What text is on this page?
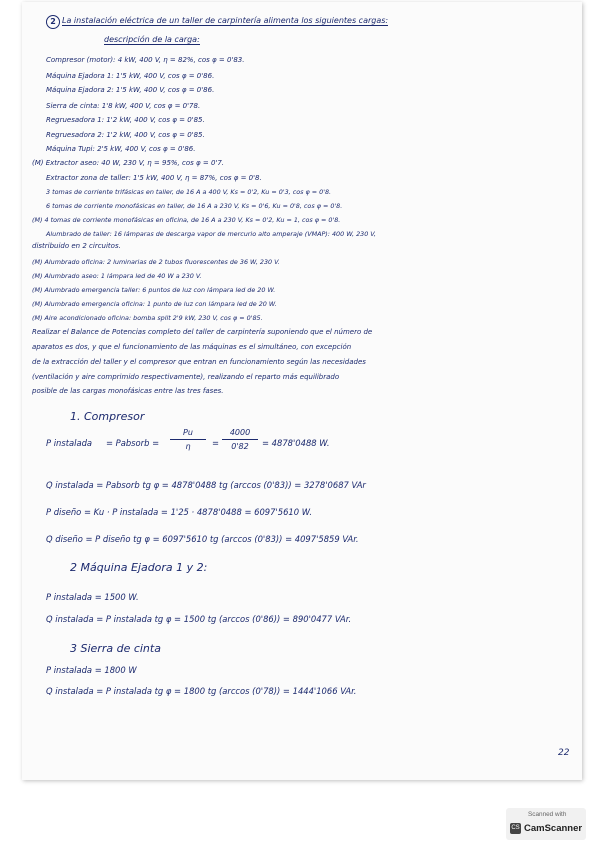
2 La instalación eléctrica de un taller de carpintería alimenta los siguientes cargas:
descripción de la carga:
Compresor (motor): 4 kW, 400 V, η = 82%, cos φ = 0'83.
Máquina Ejadora 1: 1'5 kW, 400 V, cos φ = 0'86.
Máquina Ejadora 2: 1'5 kW, 400 V, cos φ = 0'86.
Sierra de cinta: 1'8 kW, 400 V, cos φ = 0'78.
Regruesadora 1: 1'2 kW, 400 V, cos φ = 0'85.
Regruesadora 2: 1'2 kW, 400 V, cos φ = 0'85.
Máquina Tupi: 2'5 kW, 400 V, cos φ = 0'86.
(M) Extractor aseo: 40 W, 230 V, η = 95%, cos φ = 0'7.
Extractor zona de taller: 1'5 kW, 400 V, η = 87%, cos φ = 0'8.
3 tomas de corriente trifásicas en taller, de 16 A a 400 V, Ks = 0'2, Ku = 0'3, cos φ = 0'8.
6 tomas de corriente monofásicas en taller, de 16 A a 230 V, Ks = 0'6, Ku = 0'8, cos φ = 0'8.
(M) 4 tomas de corriente monofásicas en oficina, de 16 A a 230 V, Ks = 0'2, Ku = 1, cos φ = 0'8.
Alumbrado de taller: 16 lámparas de descarga vapor de mercurio alto amperaje (VMAP): 400 W, 230 V,
distribuido en 2 circuitos.
(M) Alumbrado oficina: 2 luminarias de 2 tubos fluorescentes de 36 W, 230 V.
(M) Alumbrado aseo: 1 lámpara led de 40 W a 230 V.
(M) Alumbrado emergencia taller: 6 puntos de luz con lámpara led de 20 W.
(M) Alumbrado emergencia oficina: 1 punto de luz con lámpara led de 20 W.
(M) Aire acondicionado oficina: bomba split 2'9 kW, 230 V, cos φ = 0'85.
Realizar el Balance de Potencias completo del taller de carpintería suponiendo que el número de
aparatos es dos, y que el funcionamiento de las máquinas es el simultáneo, con excepción
de la extracción del taller y el compresor que entran en funcionamiento según las necesidades
(ventilación y aire comprimido respectivamente), realizando el reparto más equilibrado
posible de las cargas monofásicas entre las tres fases.
1. Compresor
P instalada = Pabsorb = $\frac{Pu}{\eta} = \frac{4000}{0'82} = 4878'0488$ W.
Q instalada = Pabsorb tg φ = 4878'0488 tg (arccos (0'83)) = 3278'0687 VAr
P diseño = Ku · P instalada = 1'25 · 4878'0488 = 6097'5610 W.
Q diseño = P diseño tg φ = 6097'5610 tg (arccos (0'83)) = 4097'5859 VAr.
2 Máquina Ejadora 1 y 2:
P instalada = 1500 W.
Q instalada = P instalada tg φ = 1500 tg (arccos (0'86)) = 890'0477 VAr.
3 Sierra de cinta
P instalada = 1800 W
Q instalada = P instalada tg φ = 1800 tg (arccos (0'78)) = 1444'1066 VAr.
22
Scanned with
CS CamScanner
